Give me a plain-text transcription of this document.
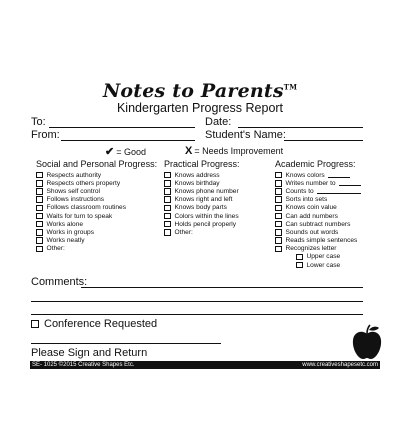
Notes to Parents™
Kindergarten Progress Report
To:	Date:
From:	Student's Name:
✔ = Good	X = Needs Improvement
Social and Personal Progress:
Respects authority
Respects others property
Shows self control
Follows instructions
Follows classroom routines
Waits for turn to speak
Works alone
Works in groups
Works neatly
Other:
Practical Progress:
Knows address
Knows birthday
Knows phone number
Knows right and left
Knows body parts
Colors within the lines
Holds pencil properly
Other:
Academic Progress:
Knows colors
Writes number to
Counts to
Sorts into sets
Knows coin value
Can add numbers
Can subtract numbers
Sounds out words
Reads simple sentences
Recognizes letter
Upper case
Lower case
Comments:
Conference Requested
Please Sign and Return
SE- 1025 ©2015 Creative Shapes Etc.	www.creativeshapesetc.com
